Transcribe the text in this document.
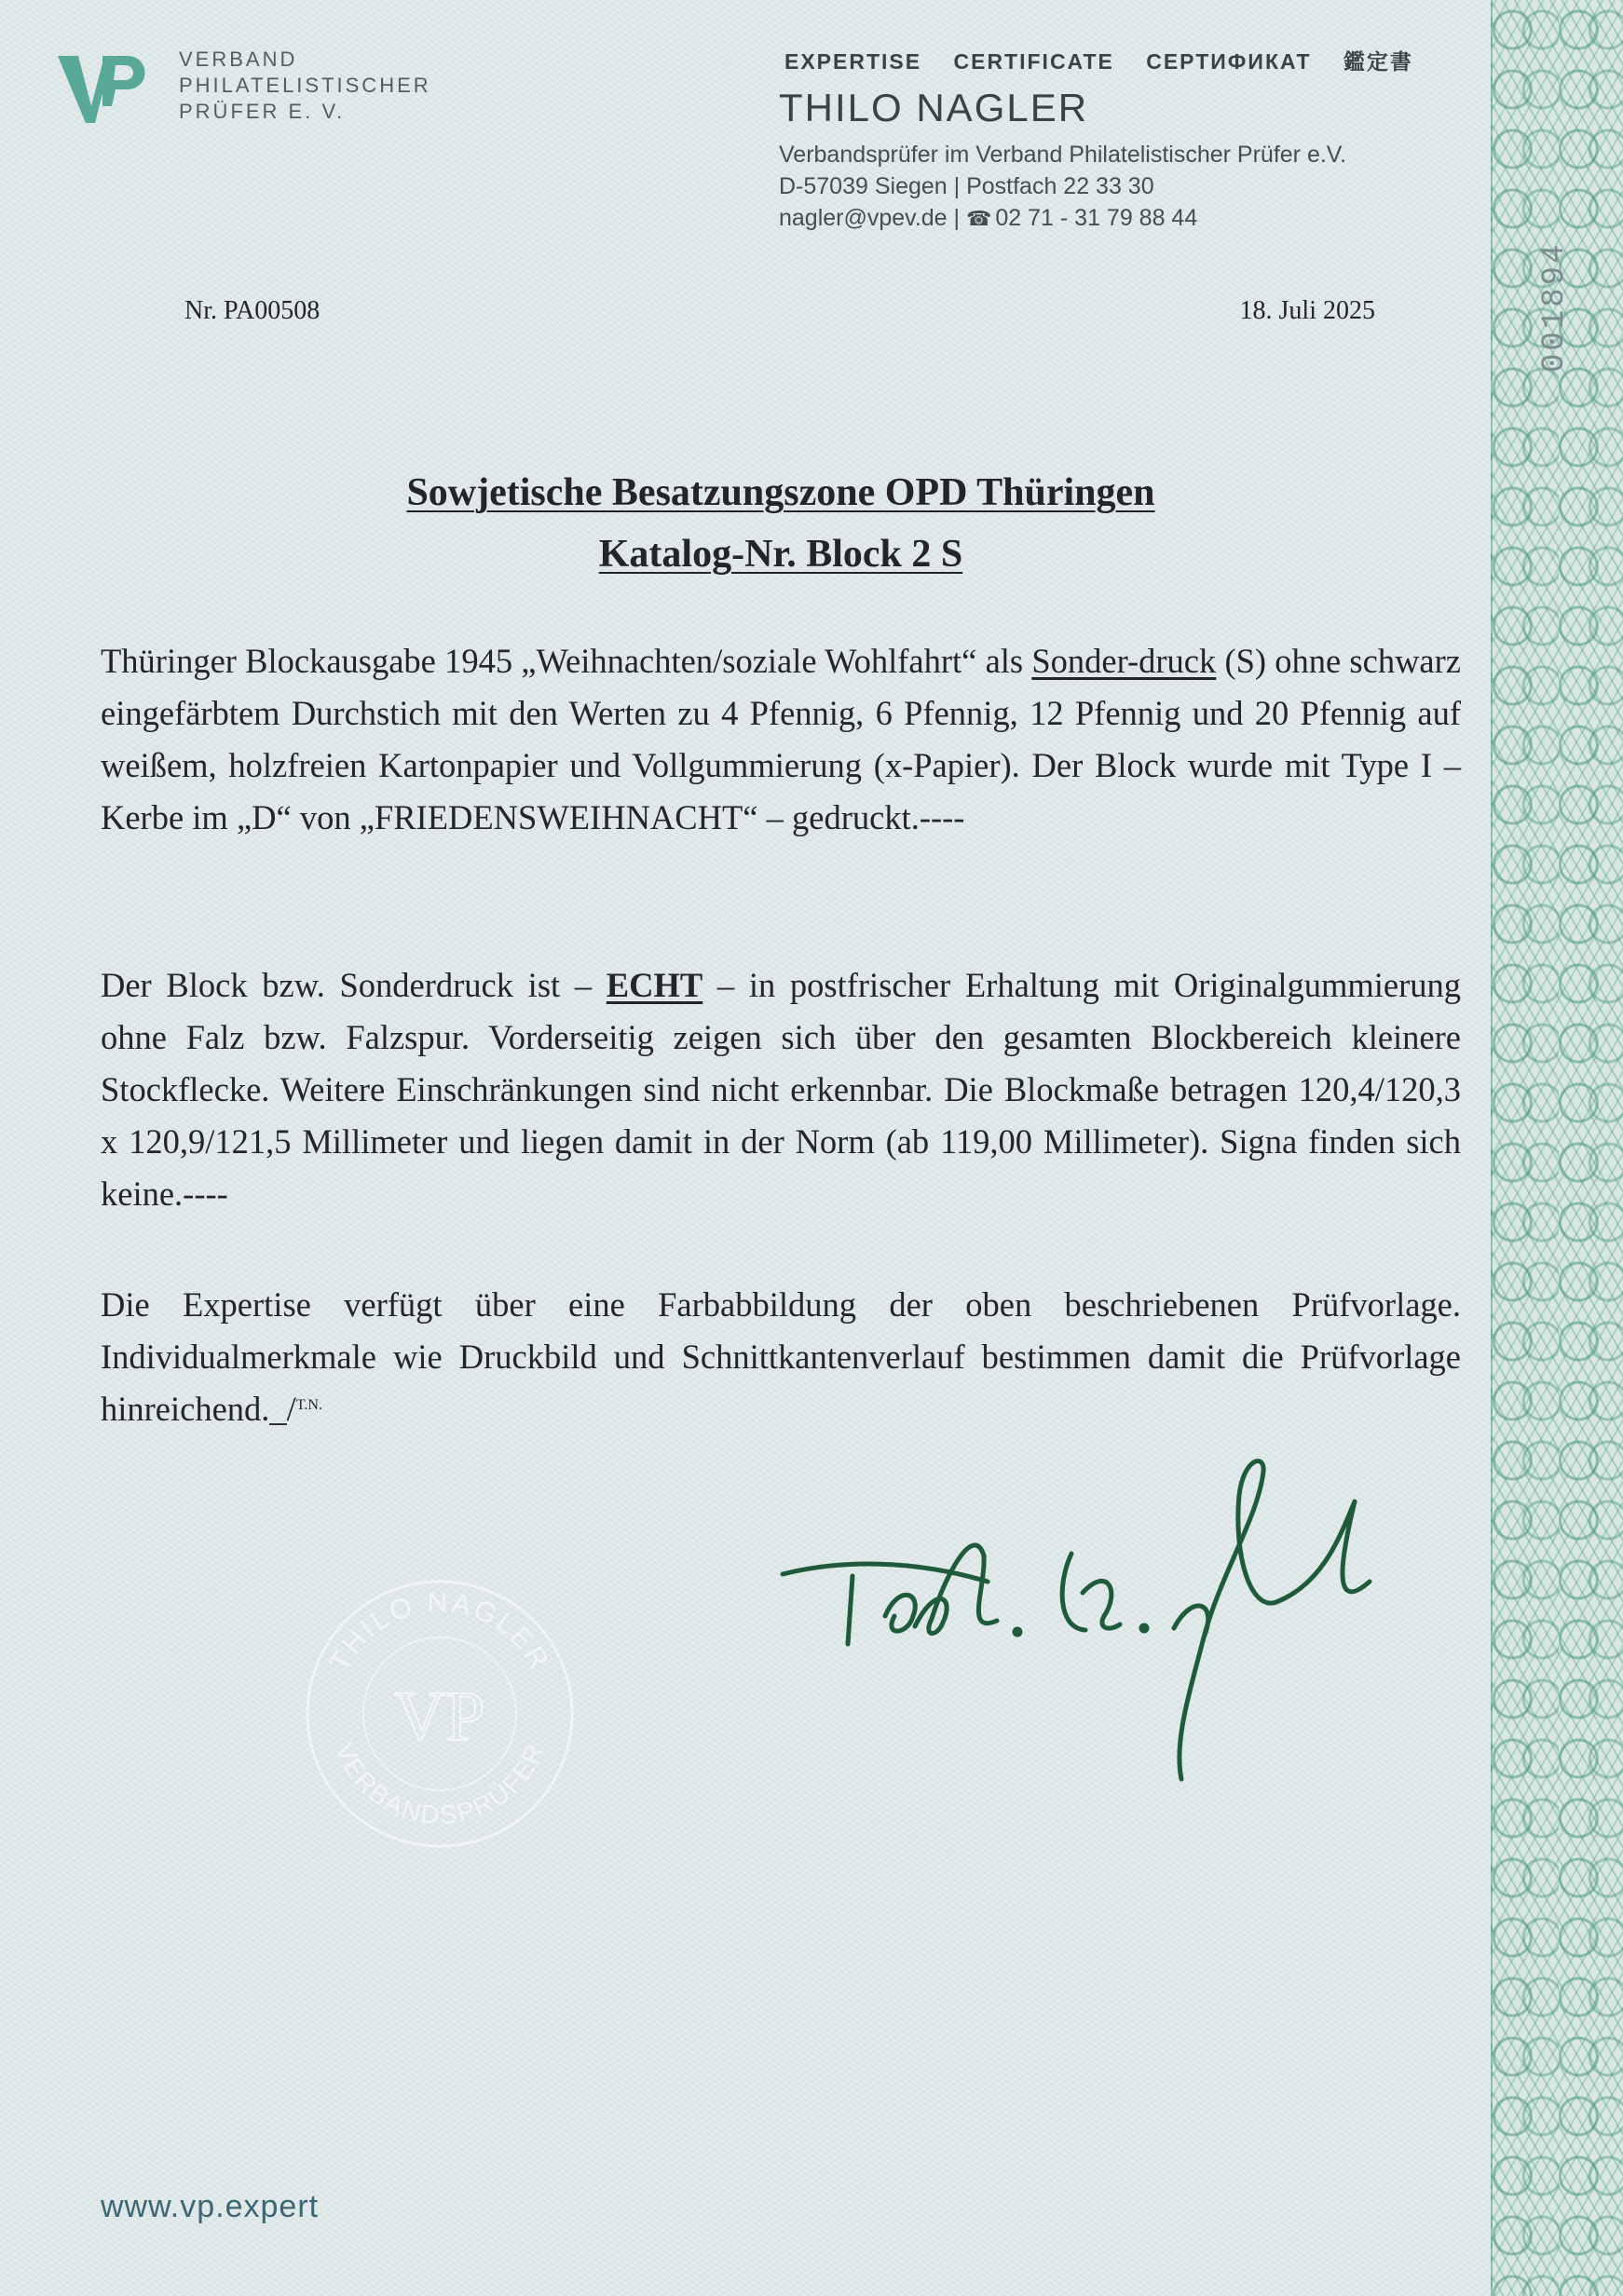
001894
VERBAND
PHILATELISTISCHER
PRÜFER E. V.
EXPERTISE CERTIFICATE СЕРТИФИКАТ 鑑定書
THILO NAGLER
Verbandsprüfer im Verband Philatelistischer Prüfer e.V.
D-57039 Siegen | Postfach 22 33 30
nagler@vpev.de | ☎ 02 71 - 31 79 88 44
Nr. PA00508	18. Juli 2025
Sowjetische Besatzungszone OPD Thüringen
Katalog-Nr. Block 2 S
Thüringer Blockausgabe 1945 „Weihnachten/soziale Wohlfahrt“ als Sonder-druck (S) ohne schwarz eingefärbtem Durchstich mit den Werten zu 4 Pfennig, 6 Pfennig, 12 Pfennig und 20 Pfennig auf weißem, holzfreien Kartonpapier und Vollgummierung (x-Papier). Der Block wurde mit Type I – Kerbe im „D“ von „FRIEDENSWEIHNACHT“ – gedruckt.----
Der Block bzw. Sonderdruck ist – ECHT – in postfrischer Erhaltung mit Originalgummierung ohne Falz bzw. Falzspur. Vorderseitig zeigen sich über den gesamten Blockbereich kleinere Stockflecke. Weitere Einschränkungen sind nicht erkennbar. Die Blockmaße betragen 120,4/120,3 x 120,9/121,5 Millimeter und liegen damit in der Norm (ab 119,00 Millimeter). Signa finden sich keine.----
Die Expertise verfügt über eine Farbabbildung der oben beschriebenen Prüfvorlage. Individualmerkmale wie Druckbild und Schnittkantenverlauf bestimmen damit die Prüfvorlage hinreichend._/$^{T.N.}$
THILO NAGLER
VERBANDSPRÜFER
VP
www.vp.expert
